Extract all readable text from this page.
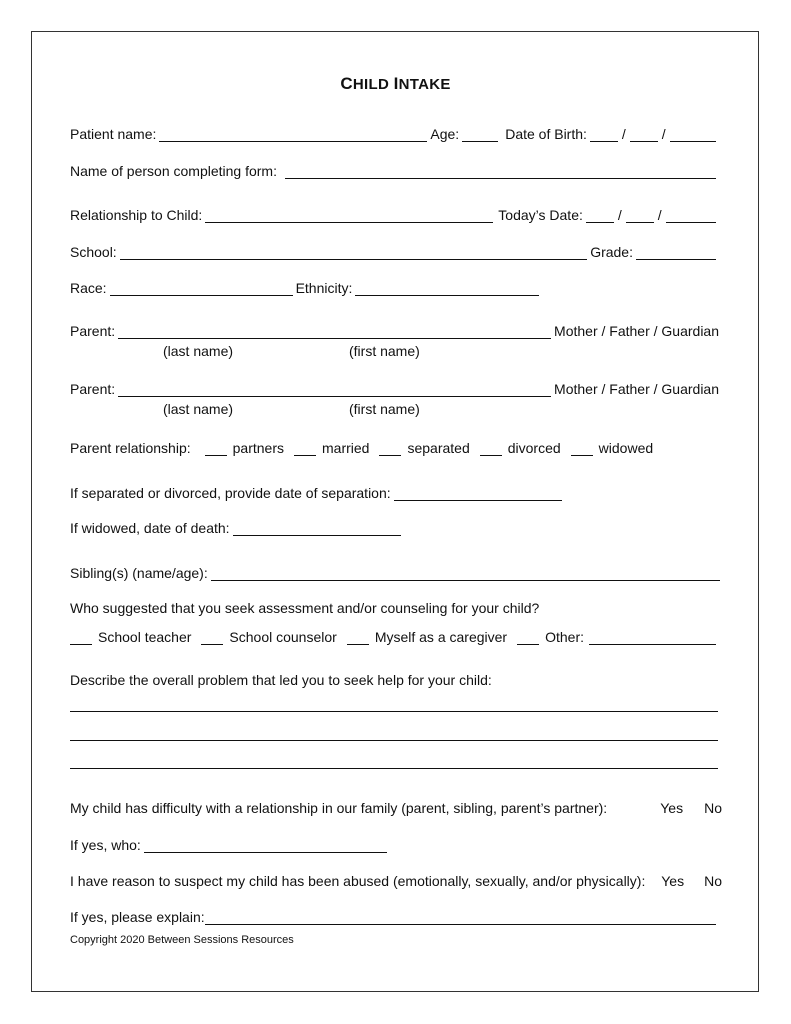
CHILD INTAKE
Patient name:	Age:	Date of Birth:	/	/
Name of person completing form:
Relationship to Child:	Today’s Date:	/	/
School:	Grade:
Race:	Ethnicity:
Parent:	Mother / Father / Guardian
(last name)	(first name)
Parent:	Mother / Father / Guardian
(last name)	(first name)
Parent relationship:	partners	married	separated	divorced	widowed
If separated or divorced, provide date of separation:
If widowed, date of death:
Sibling(s) (name/age):
Who suggested that you seek assessment and/or counseling for your child?
School teacher	School counselor	Myself as a caregiver	Other:
Describe the overall problem that led you to seek help for your child:
My child has difficulty with a relationship in our family (parent, sibling, parent’s partner):	Yes No
If yes, who:
I have reason to suspect my child has been abused (emotionally, sexually, and/or physically): Yes No
If yes, please explain:
Copyright 2020 Between Sessions Resources
